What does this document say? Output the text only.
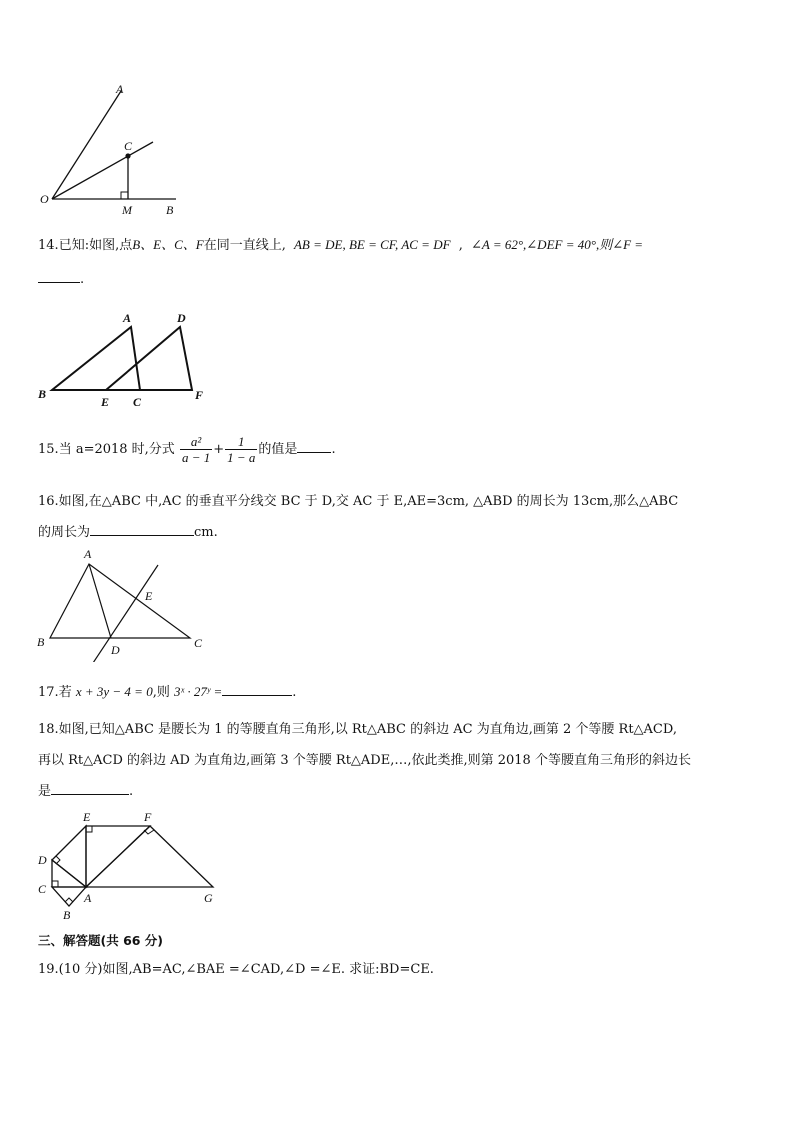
A
C
O
M	B
14.已知:如图,点B、E、C、F在同一直线上, AB = DE, BE = CF, AC = DF , ∠A = 62°,∠DEF = 40°,则∠F =
.
A	D
B
E C	F
15.当 a=2018 时,分式 $\frac{\text{a²}}{a - 1} + \frac{1}{1 - a}$ 的值是	.
16.如图,在△ABC 中,AC 的垂直平分线交 BC 于 D,交 AC 于 E,AE=3cm, △ABD 的周长为 13cm,那么△ABC
的周长为	cm.
A
E
B
D	C
17.若 x + 3y − 4 = 0,则 3ˣ · 27ʸ =	.
18.如图,已知△ABC 是腰长为 1 的等腰直角三角形,以 Rt△ABC 的斜边 AC 为直角边,画第 2 个等腰 Rt△ACD,
再以 Rt△ACD 的斜边 AD 为直角边,画第 3 个等腰 Rt△ADE,…,依此类推,则第 2018 个等腰直角三角形的斜边长
是	.
E	F
D
C
A	G
B
三、解答题(共 66 分)
19.(10 分)如图,AB=AC,∠BAE =∠CAD,∠D =∠E. 求证:BD=CE.
